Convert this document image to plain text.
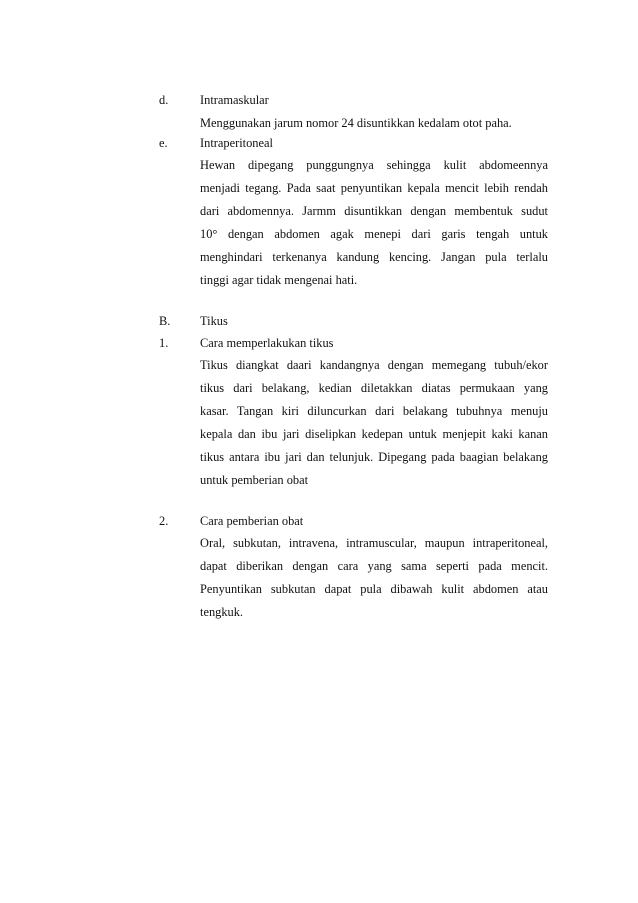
d.	Intramaskular
Menggunakan jarum nomor 24 disuntikkan kedalam otot paha.
e.	Intraperitoneal
Hewan dipegang punggungnya sehingga kulit abdomeennya
menjadi tegang. Pada saat penyuntikan kepala mencit lebih rendah
dari abdomennya. Jarmm disuntikkan dengan membentuk sudut
10° dengan abdomen agak menepi dari garis tengah untuk
menghindari terkenanya kandung kencing. Jangan pula terlalu
tinggi agar tidak mengenai hati.
B. Tikus
1.	Cara memperlakukan tikus
Tikus diangkat daari kandangnya dengan memegang tubuh/ekor
tikus dari belakang, kedian diletakkan diatas permukaan yang
kasar. Tangan kiri diluncurkan dari belakang tubuhnya menuju
kepala dan ibu jari diselipkan kedepan untuk menjepit kaki kanan
tikus antara ibu jari dan telunjuk. Dipegang pada baagian belakang
untuk pemberian obat
2.	Cara pemberian obat
Oral, subkutan, intravena, intramuscular, maupun intraperitoneal,
dapat diberikan dengan cara yang sama seperti pada mencit.
Penyuntikan subkutan dapat pula dibawah kulit abdomen atau
tengkuk.
